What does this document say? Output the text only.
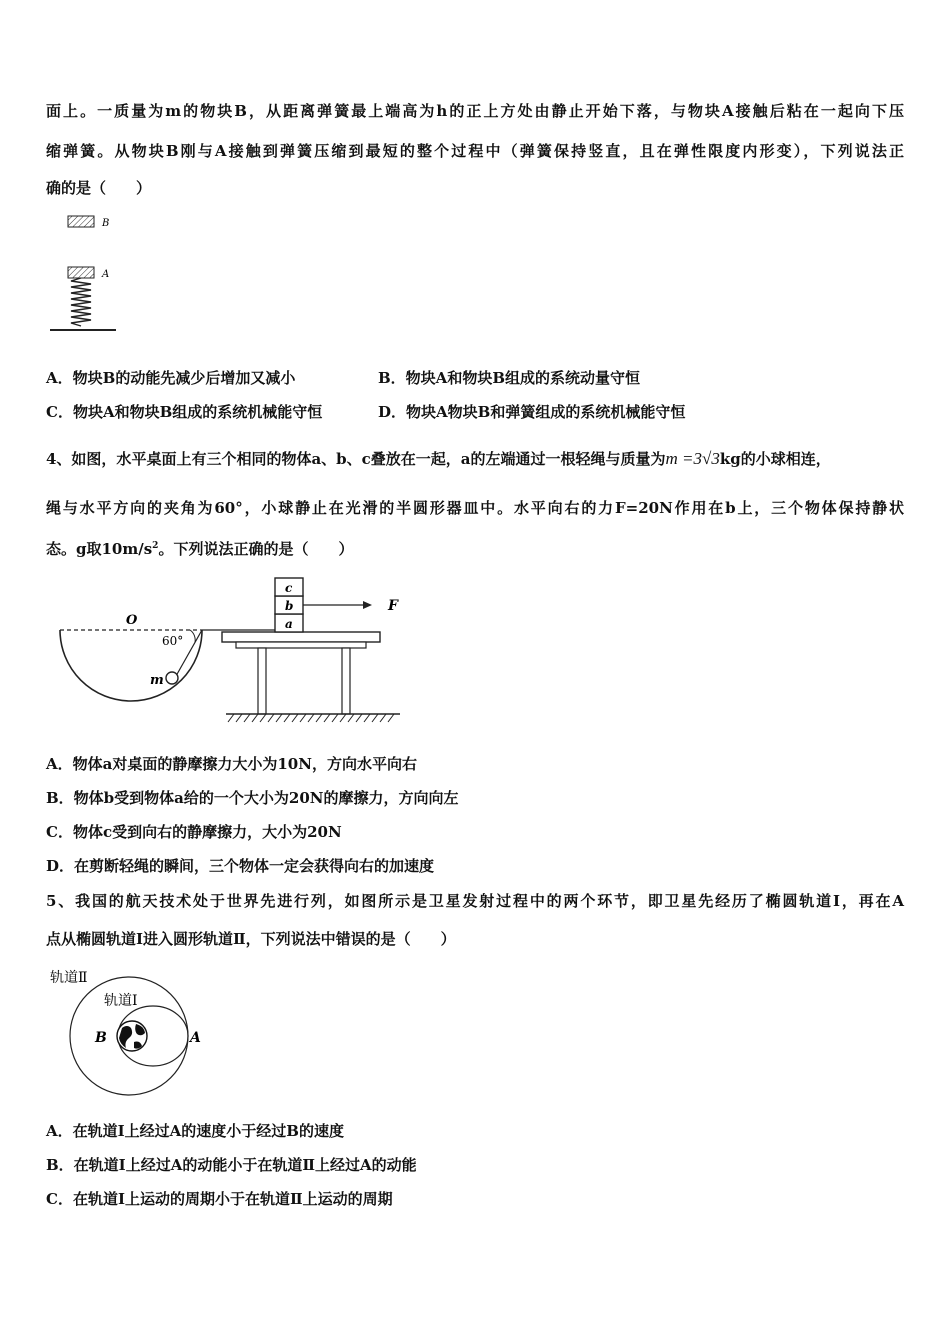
面上。一质量为m的物块B，从距离弹簧最上端高为h的正上方处由静止开始下落，与物块A接触后粘在一起向下压
缩弹簧。从物块B刚与A接触到弹簧压缩到最短的整个过程中（弹簧保持竖直，且在弹性限度内形变），下列说法正
确的是（　　）
B
A
A．物块B的动能先减少后增加又减小	B．物块A和物块B组成的系统动量守恒
C．物块A和物块B组成的系统机械能守恒	D．物块A物块B和弹簧组成的系统机械能守恒
4、如图，水平桌面上有三个相同的物体a、b、c叠放在一起，a的左端通过一根轻绳与质量为m =3√3kg的小球相连，
绳与水平方向的夹角为60°，小球静止在光滑的半圆形器皿中。水平向右的力F=20N作用在b上，三个物体保持静状
态。g取$10m/s^2$。下列说法正确的是（　　）
O
60°
m
a
b
c
F
A．物体a对桌面的静摩擦力大小为10N，方向水平向右
B．物体b受到物体a给的一个大小为20N的摩擦力，方向向左
C．物体c受到向右的静摩擦力，大小为20N
D．在剪断轻绳的瞬间，三个物体一定会获得向右的加速度
5、我国的航天技术处于世界先进行列，如图所示是卫星发射过程中的两个环节，即卫星先经历了椭圆轨道I，再在A
点从椭圆轨道I进入圆形轨道Ⅱ，下列说法中错误的是（　　）
轨道Ⅱ
轨道Ⅰ
B	A
A．在轨道I上经过A的速度小于经过B的速度
B．在轨道I上经过A的动能小于在轨道Ⅱ上经过A的动能
C．在轨道I上运动的周期小于在轨道Ⅱ上运动的周期
